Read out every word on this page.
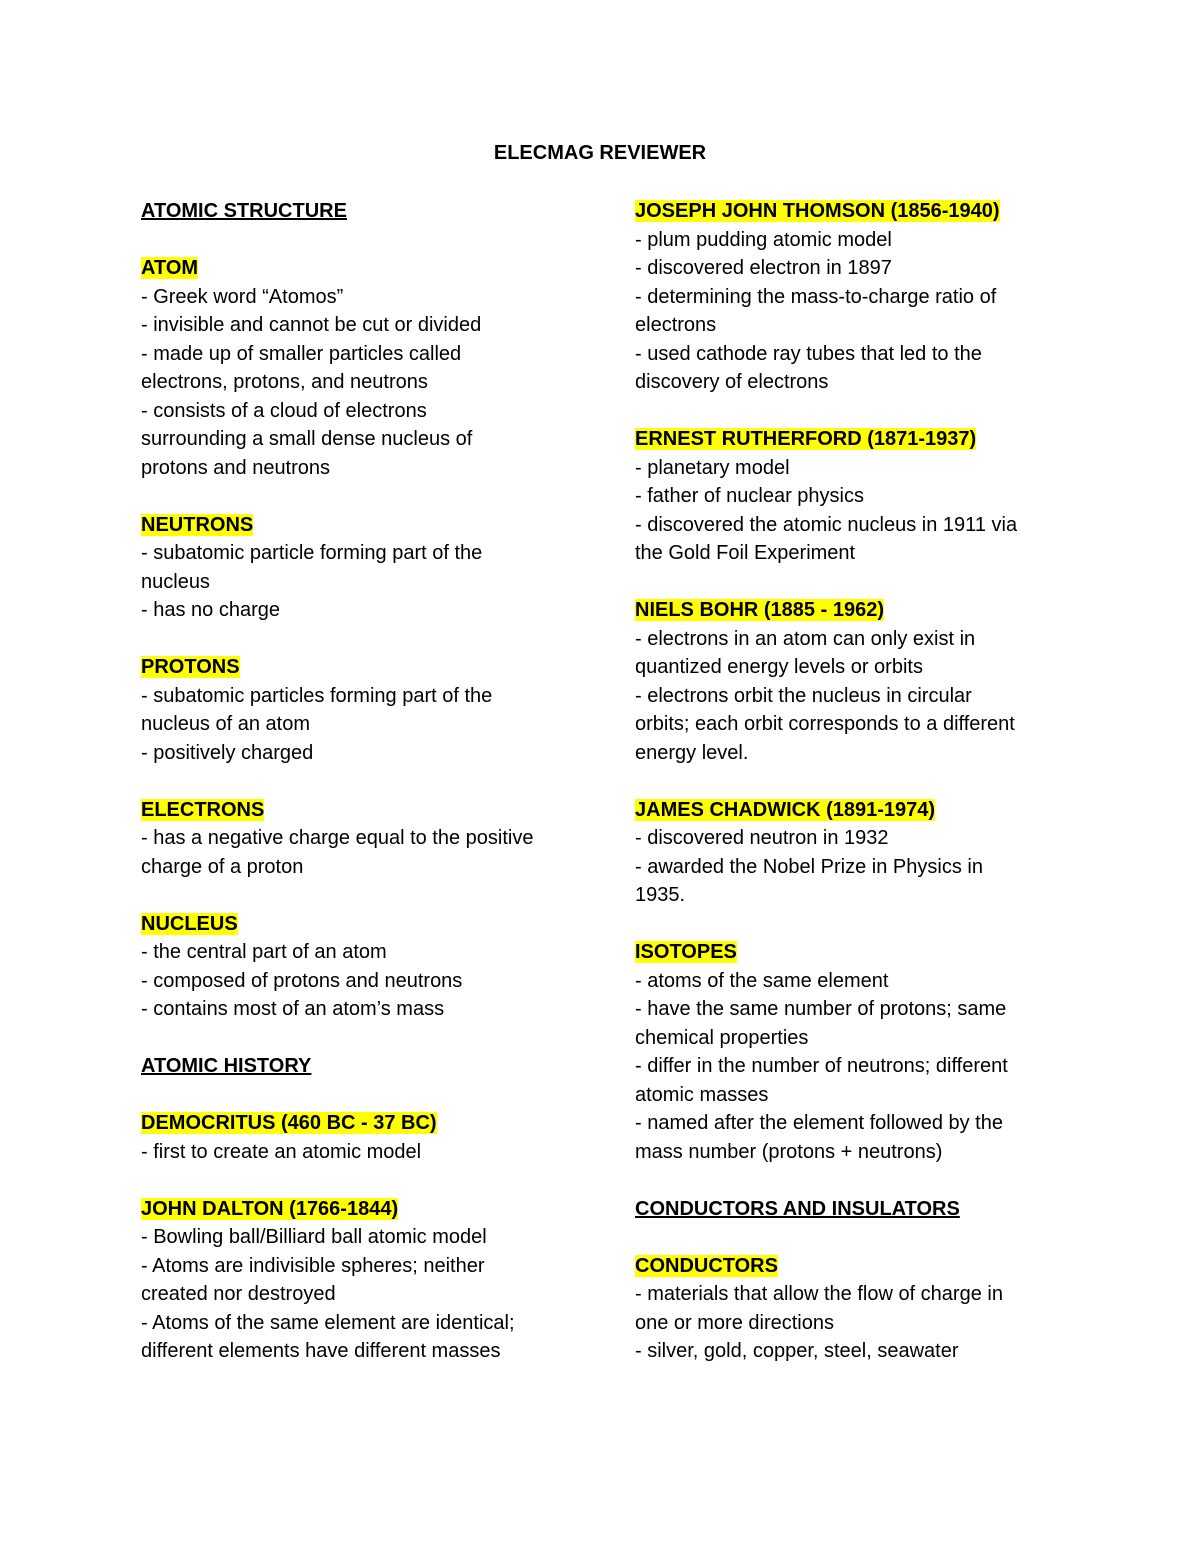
ELECMAG REVIEWER

ATOMIC STRUCTURE

ATOM

- Greek word “Atomos”

- invisible and cannot be cut or divided

- made up of smaller particles called

electrons, protons, and neutrons

- consists of a cloud of electrons

surrounding a small dense nucleus of

protons and neutrons

NEUTRONS

- subatomic particle forming part of the

nucleus

- has no charge

PROTONS

- subatomic particles forming part of the

nucleus of an atom

- positively charged

ELECTRONS

- has a negative charge equal to the positive

charge of a proton

NUCLEUS

- the central part of an atom

- composed of protons and neutrons

- contains most of an atom’s mass

ATOMIC HISTORY

DEMOCRITUS (460 BC - 37 BC)

- first to create an atomic model

JOHN DALTON (1766-1844)

- Bowling ball/Billiard ball atomic model

- Atoms are indivisible spheres; neither

created nor destroyed

- Atoms of the same element are identical;

different elements have different masses

JOSEPH JOHN THOMSON (1856-1940)

- plum pudding atomic model

- discovered electron in 1897

- determining the mass-to-charge ratio of

electrons

- used cathode ray tubes that led to the

discovery of electrons

ERNEST RUTHERFORD (1871-1937)

- planetary model

- father of nuclear physics

- discovered the atomic nucleus in 1911 via

the Gold Foil Experiment

NIELS BOHR (1885 - 1962)

- electrons in an atom can only exist in

quantized energy levels or orbits

- electrons orbit the nucleus in circular

orbits; each orbit corresponds to a different

energy level.

JAMES CHADWICK (1891-1974)

- discovered neutron in 1932

- awarded the Nobel Prize in Physics in

1935.

ISOTOPES

- atoms of the same element

- have the same number of protons; same

chemical properties

- differ in the number of neutrons; different

atomic masses

- named after the element followed by the

mass number (protons + neutrons)

CONDUCTORS AND INSULATORS

CONDUCTORS

- materials that allow the flow of charge in

one or more directions

- silver, gold, copper, steel, seawater
